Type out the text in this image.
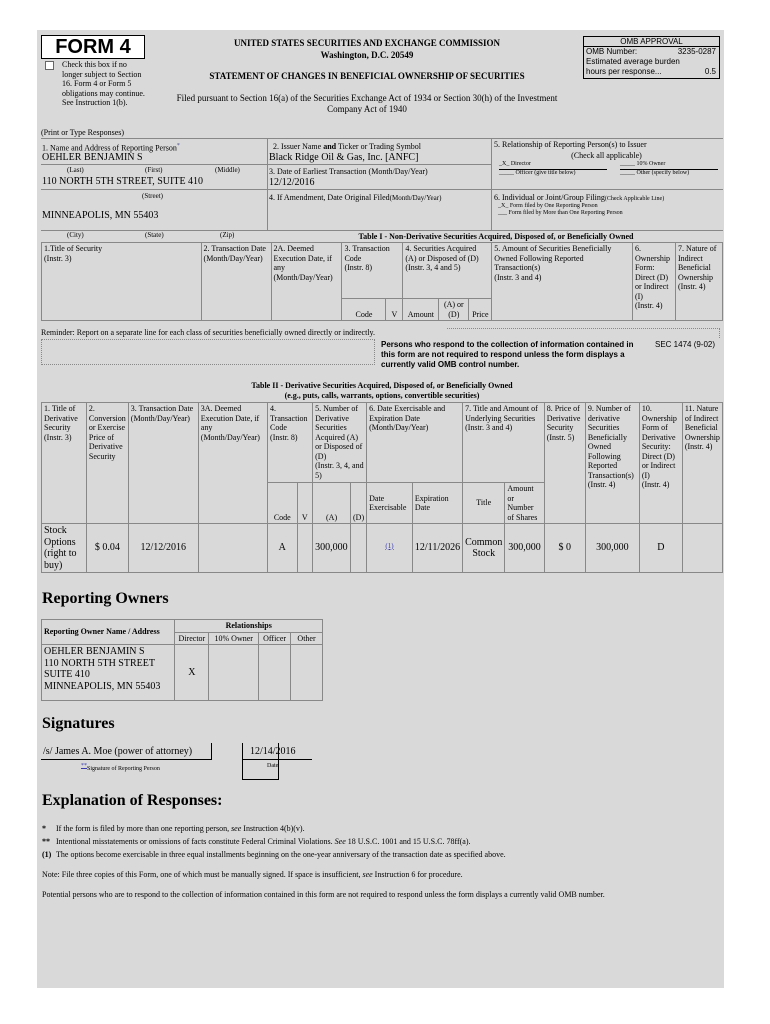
FORM 4
Check this box if no longer subject to Section 16. Form 4 or Form 5 obligations may continue. See Instruction 1(b).
UNITED STATES SECURITIES AND EXCHANGE COMMISSION
Washington, D.C. 20549
STATEMENT OF CHANGES IN BENEFICIAL OWNERSHIP OF SECURITIES
Filed pursuant to Section 16(a) of the Securities Exchange Act of 1934 or Section 30(h) of the Investment Company Act of 1940
OMB APPROVAL
OMB Number:	3235-0287
Estimated average burden
hours per response...	0.5
(Print or Type Responses)
1. Name and Address of Reporting Person*
OEHLER BENJAMIN S
(Last)	(First)	(Middle)
110 NORTH 5TH STREET, SUITE 410
(Street)
MINNEAPOLIS, MN 55403
2. Issuer Name and Ticker or Trading Symbol
Black Ridge Oil & Gas, Inc. [ANFC]
3. Date of Earliest Transaction (Month/Day/Year)
12/12/2016
4. If Amendment, Date Original Filed(Month/Day/Year)
5. Relationship of Reporting Person(s) to Issuer
(Check all applicable)
_X_ Director	_____ 10% Owner
_____ Officer (give title below)	_____ Other (specify below)
6. Individual or Joint/Group Filing(Check Applicable Line)
_X_ Form filed by One Reporting Person
___ Form filed by More than One Reporting Person
(City)	(State)	(Zip)	Table I - Non-Derivative Securities Acquired, Disposed of, or Beneficially Owned
1.Title of Security
(Instr. 3)	2. Transaction Date
(Month/Day/Year)	2A. Deemed Execution Date, if any
(Month/Day/Year)	3. Transaction Code
(Instr. 8)		4. Securities Acquired (A) or Disposed of (D)
(Instr. 3, 4 and 5)			5. Amount of Securities Beneficially Owned Following Reported Transaction(s)
(Instr. 3 and 4)	6. Ownership Form: Direct (D) or Indirect (I)
(Instr. 4)	7. Nature of Indirect Beneficial Ownership
(Instr. 4)
			Code	V	Amount	(A) or
(D)	Price			
Reminder: Report on a separate line for each class of securities beneficially owned directly or indirectly.
Persons who respond to the collection of information contained in this form are not required to respond unless the form displays a currently valid OMB control number.
SEC 1474 (9-02)
Table II - Derivative Securities Acquired, Disposed of, or Beneficially Owned
(e.g., puts, calls, warrants, options, convertible securities)
1. Title of Derivative Security
(Instr. 3)	2. Conversion or Exercise Price of Derivative Security	3. Transaction Date
(Month/Day/Year)	3A. Deemed Execution Date, if any
(Month/Day/Year)	4. Transaction Code
(Instr. 8)		5. Number of Derivative Securities Acquired (A) or Disposed of (D)
(Instr. 3, 4, and 5)		6. Date Exercisable and Expiration Date
(Month/Day/Year)		7. Title and Amount of Underlying Securities
(Instr. 3 and 4)		8. Price of Derivative Security
(Instr. 5)	9. Number of derivative Securities Beneficially Owned Following Reported Transaction(s)
(Instr. 4)	10. Ownership Form of Derivative Security: Direct (D) or Indirect (I)
(Instr. 4)	11. Nature of Indirect Beneficial Ownership
(Instr. 4)
				Code	V	(A)	(D)	Date Exercisable	Expiration Date	Title	Amount or Number of Shares				
Stock Options (right to buy)	$ 0.04	12/12/2016		A		300,000		$^{(1)}$	12/11/2026	Common Stock	300,000	$ 0	300,000	D	
Reporting Owners
Reporting Owner Name / Address	Relationships			
	Director	10% Owner	Officer	Other
OEHLER BENJAMIN S
110 NORTH 5TH STREET
SUITE 410
MINNEAPOLIS, MN 55403	X			
Signatures
/s/ James A. Moe (power of attorney)	12/14/2016
**Signature of Reporting Person	Date
Explanation of Responses:
* If the form is filed by more than one reporting person, see Instruction 4(b)(v).
** Intentional misstatements or omissions of facts constitute Federal Criminal Violations. See 18 U.S.C. 1001 and 15 U.S.C. 78ff(a).
(1) The options become exercisable in three equal installments beginning on the one-year anniversary of the transaction date as specified above.
Note: File three copies of this Form, one of which must be manually signed. If space is insufficient, see Instruction 6 for procedure.
Potential persons who are to respond to the collection of information contained in this form are not required to respond unless the form displays a currently valid OMB number.
